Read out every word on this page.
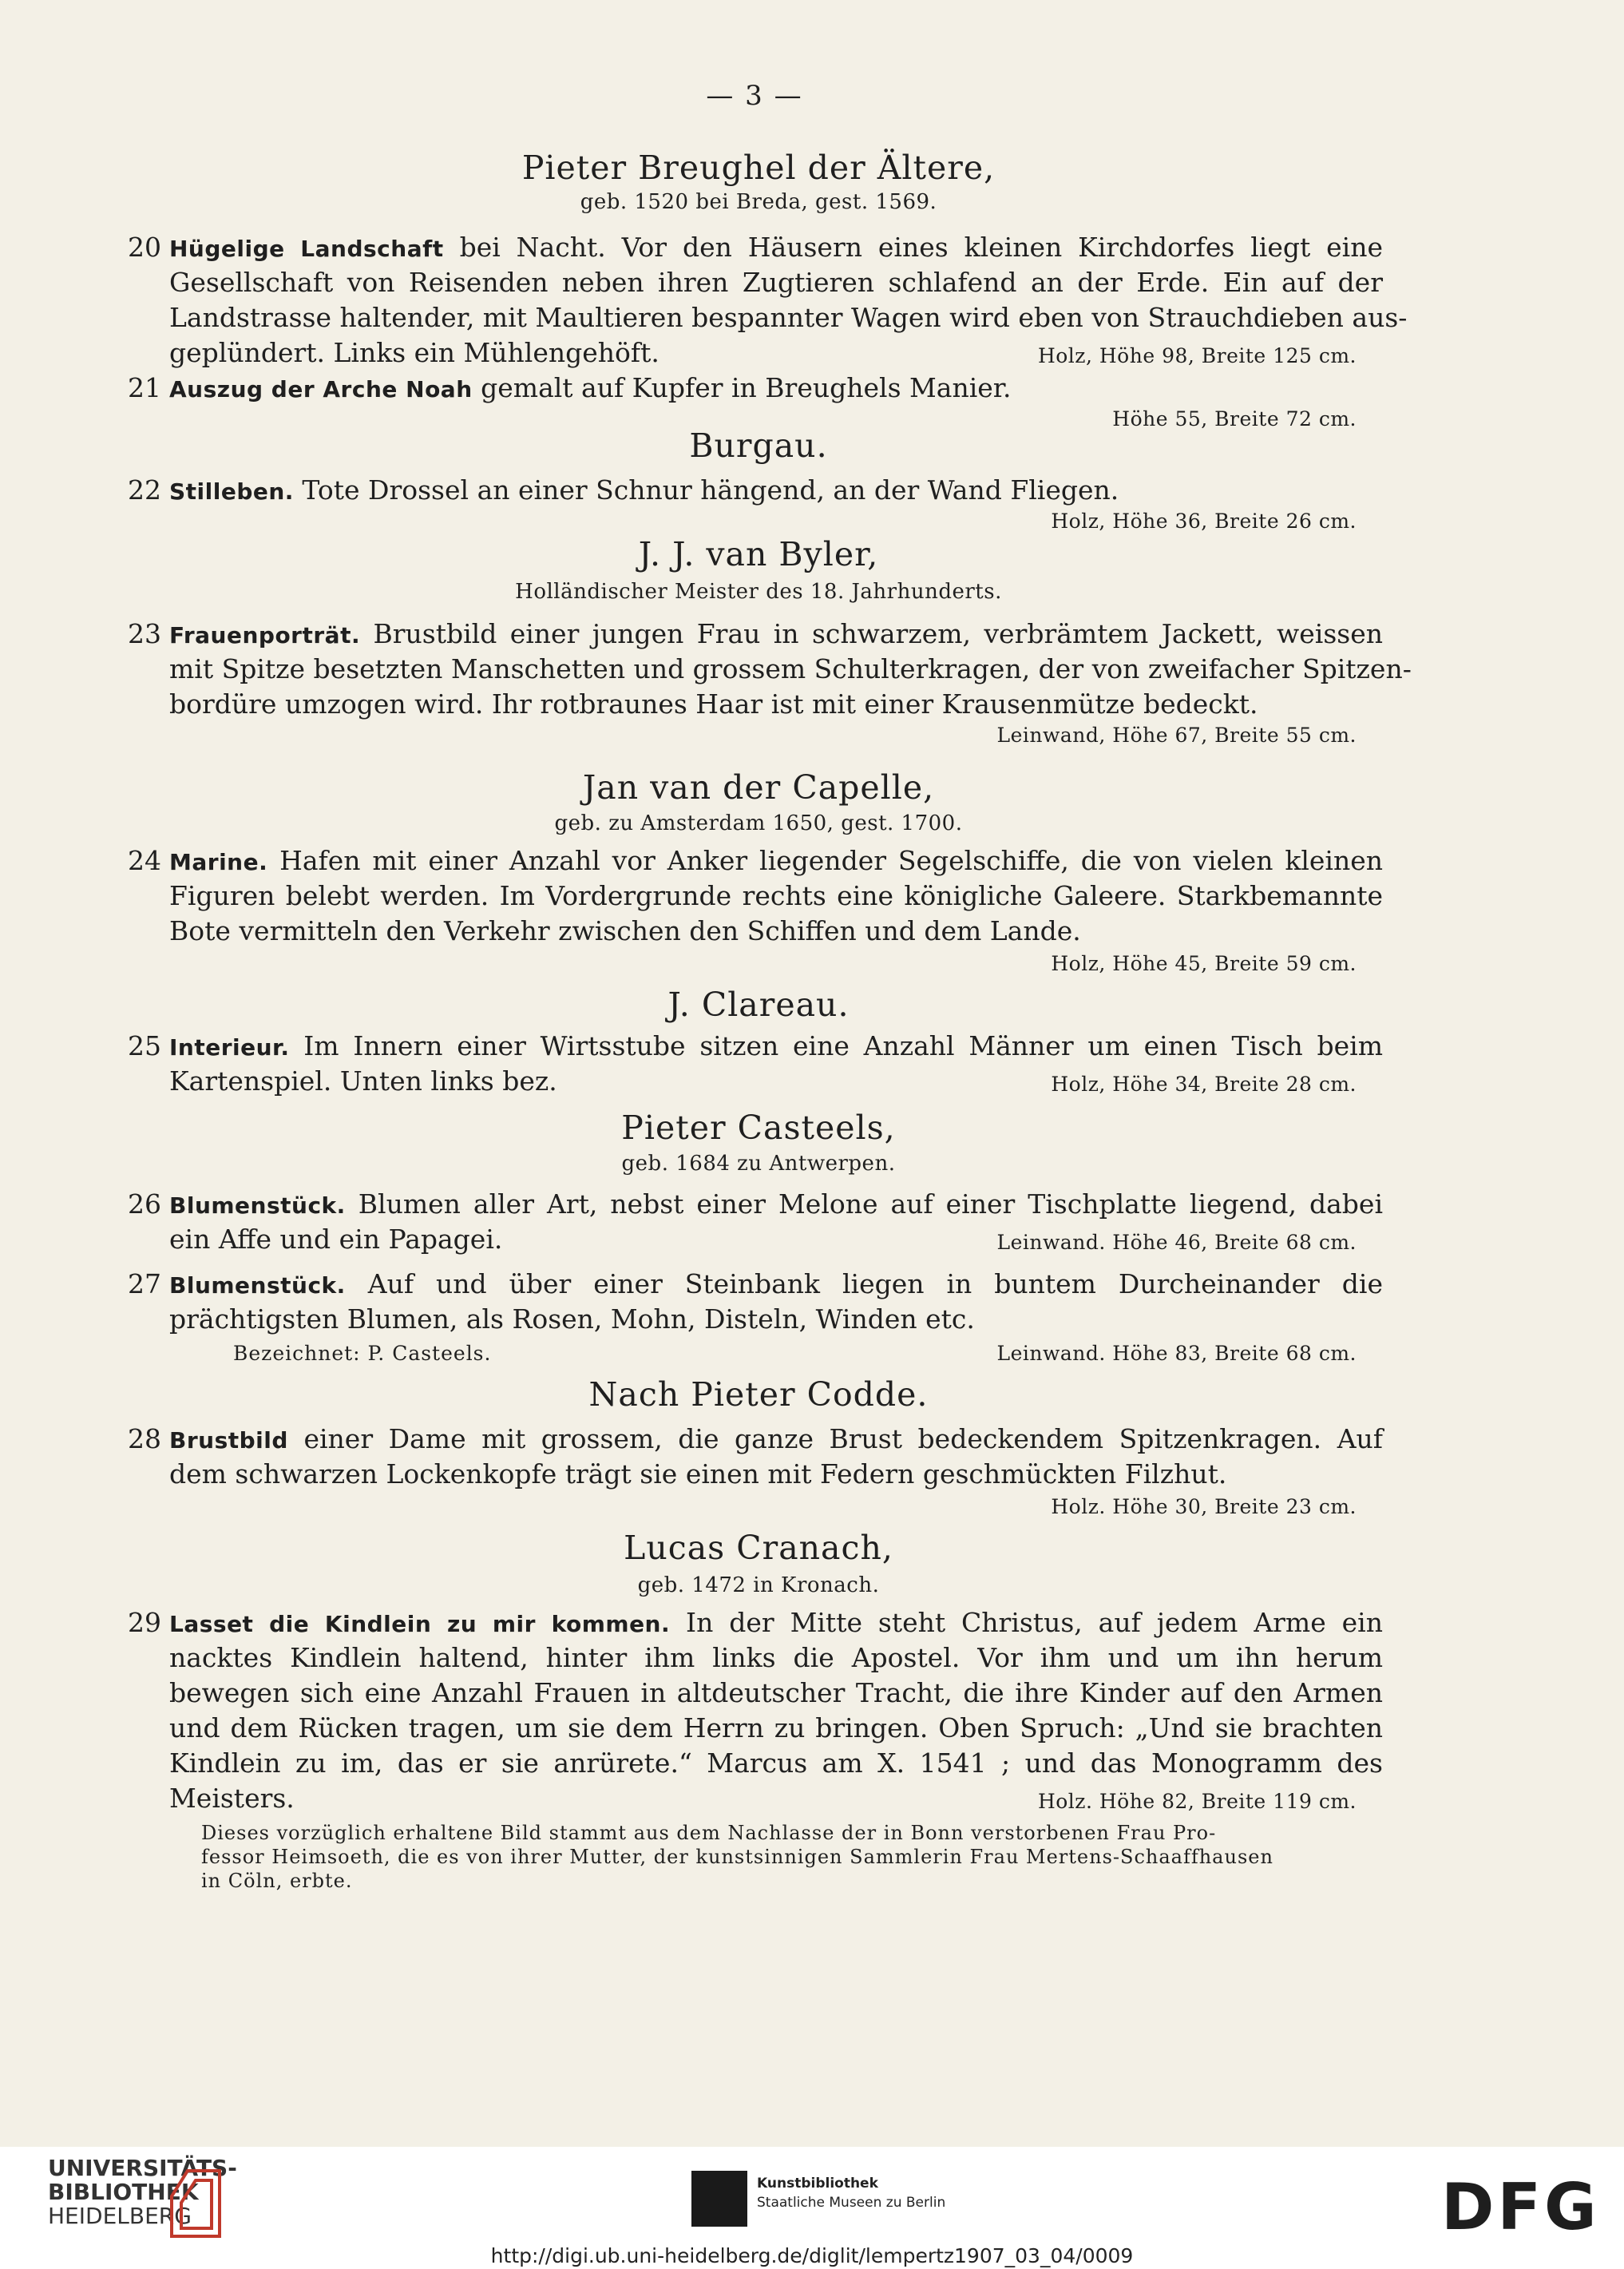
— 3 —
Pieter Breughel der Ältere,
geb. 1520 bei Breda, gest. 1569.
20 Hügelige Landschaft bei Nacht. Vor den Häusern eines kleinen Kirchdorfes liegt eine
Gesellschaft von Reisenden neben ihren Zugtieren schlafend an der Erde. Ein auf der
Landstrasse haltender, mit Maultieren bespannter Wagen wird eben von Strauchdieben aus-
geplündert. Links ein Mühlengehöft.	Holz, Höhe 98, Breite 125 cm.
21 Auszug der Arche Noah gemalt auf Kupfer in Breughels Manier.
Höhe 55, Breite 72 cm.
Burgau.
22 Stilleben. Tote Drossel an einer Schnur hängend, an der Wand Fliegen.
Holz, Höhe 36, Breite 26 cm.
J. J. van Byler,
Holländischer Meister des 18. Jahrhunderts.
23 Frauenporträt. Brustbild einer jungen Frau in schwarzem, verbrämtem Jackett, weissen
mit Spitze besetzten Manschetten und grossem Schulterkragen, der von zweifacher Spitzen-
bordüre umzogen wird. Ihr rotbraunes Haar ist mit einer Krausenmütze bedeckt.
Leinwand, Höhe 67, Breite 55 cm.
Jan van der Capelle,
geb. zu Amsterdam 1650, gest. 1700.
24 Marine. Hafen mit einer Anzahl vor Anker liegender Segelschiffe, die von vielen kleinen
Figuren belebt werden. Im Vordergrunde rechts eine königliche Galeere. Starkbemannte
Bote vermitteln den Verkehr zwischen den Schiffen und dem Lande.
Holz, Höhe 45, Breite 59 cm.
J. Clareau.
25 Interieur. Im Innern einer Wirtsstube sitzen eine Anzahl Männer um einen Tisch beim
Kartenspiel. Unten links bez.	Holz, Höhe 34, Breite 28 cm.
Pieter Casteels,
geb. 1684 zu Antwerpen.
26 Blumenstück. Blumen aller Art, nebst einer Melone auf einer Tischplatte liegend, dabei
ein Affe und ein Papagei.	Leinwand. Höhe 46, Breite 68 cm.
27 Blumenstück. Auf und über einer Steinbank liegen in buntem Durcheinander die
prächtigsten Blumen, als Rosen, Mohn, Disteln, Winden etc.
Bezeichnet: P. Casteels.	Leinwand. Höhe 83, Breite 68 cm.
Nach Pieter Codde.
28 Brustbild einer Dame mit grossem, die ganze Brust bedeckendem Spitzenkragen. Auf
dem schwarzen Lockenkopfe trägt sie einen mit Federn geschmückten Filzhut.
Holz. Höhe 30, Breite 23 cm.
Lucas Cranach,
geb. 1472 in Kronach.
29 Lasset die Kindlein zu mir kommen. In der Mitte steht Christus, auf jedem Arme ein
nacktes Kindlein haltend, hinter ihm links die Apostel. Vor ihm und um ihn herum
bewegen sich eine Anzahl Frauen in altdeutscher Tracht, die ihre Kinder auf den Armen
und dem Rücken tragen, um sie dem Herrn zu bringen. Oben Spruch: „Und sie brachten
Kindlein zu im, das er sie anrürete.“ Marcus am X. 1541 ; und das Monogramm des
Meisters.	Holz. Höhe 82, Breite 119 cm.
Dieses vorzüglich erhaltene Bild stammt aus dem Nachlasse der in Bonn verstorbenen Frau Pro-
fessor Heimsoeth, die es von ihrer Mutter, der kunstsinnigen Sammlerin Frau Mertens-Schaaffhausen
in Cöln, erbte.
UNIVERSITÄTS-
BIBLIOTHEK
HEIDELBERG
Kunstbibliothek
Staatliche Museen zu Berlin	DFG
http://digi.ub.uni-heidelberg.de/diglit/lempertz1907_03_04/0009
